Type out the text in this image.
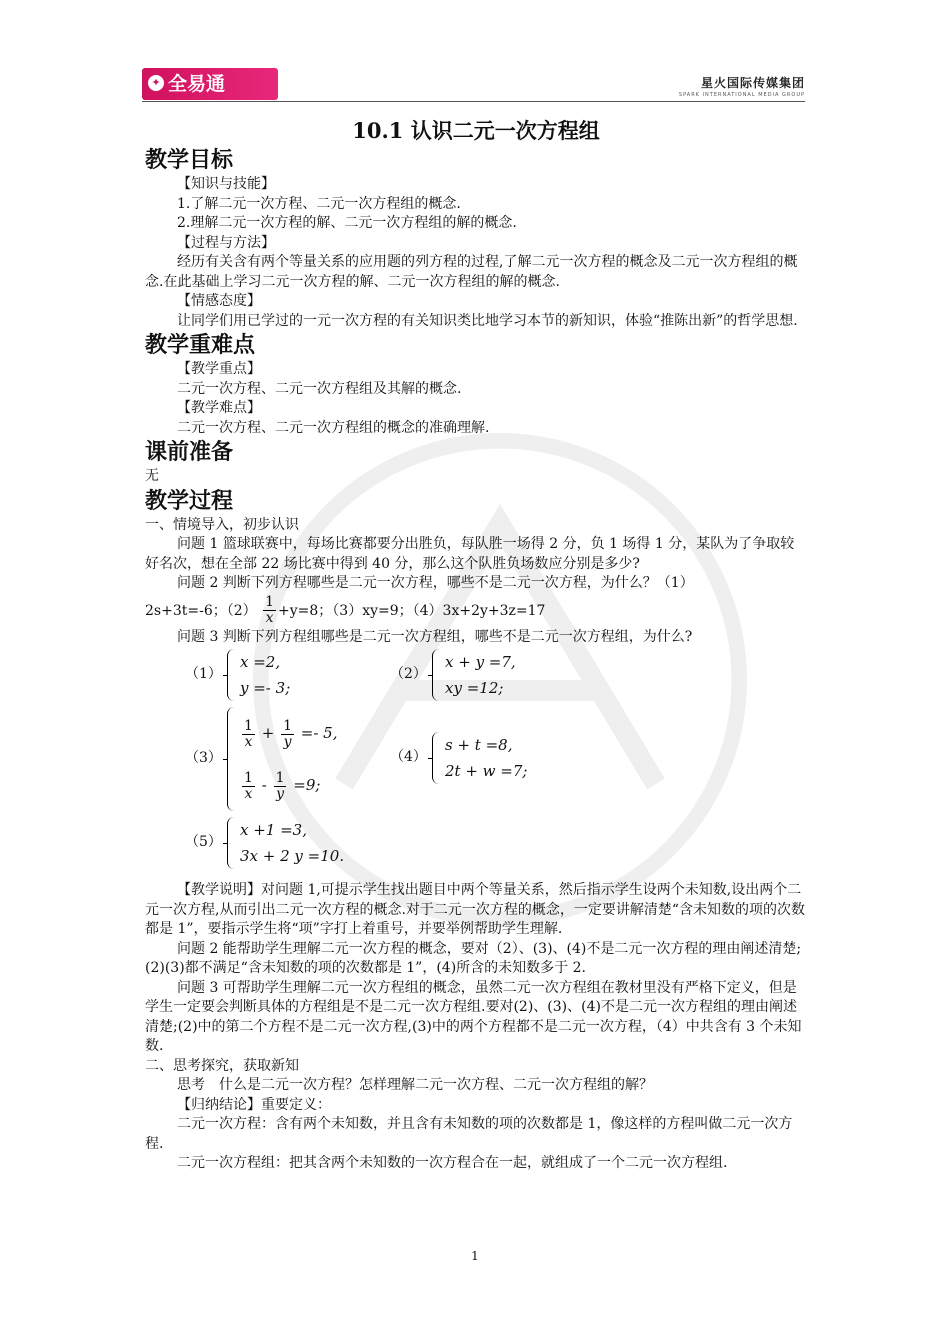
✦ 全易通	星火国际传媒集团
SPARK INTERNATIONAL MEDIA GROUP

10.1 认识二元一次方程组

教学目标

【知识与技能】

1.了解二元一次方程、二元一次方程组的概念.

2.理解二元一次方程的解、二元一次方程组的解的概念.

【过程与方法】

经历有关含有两个等量关系的应用题的列方程的过程,了解二元一次方程的概念及二元一次方程组的概念.在此基础上学习二元一次方程的解、二元一次方程组的解的概念.

【情感态度】

让同学们用已学过的一元一次方程的有关知识类比地学习本节的新知识，体验“推陈出新”的哲学思想.

教学重难点

【教学重点】

二元一次方程、二元一次方程组及其解的概念.

【教学难点】

二元一次方程、二元一次方程组的概念的准确理解.

课前准备

无

教学过程

一、情境导入，初步认识

问题 1 篮球联赛中，每场比赛都要分出胜负，每队胜一场得 2 分，负 1 场得 1 分，某队为了争取较好名次，想在全部 22 场比赛中得到 40 分，那么这个队胜负场数应分别是多少?

问题 2 判断下列方程哪些是二元一次方程，哪些不是二元一次方程，为什么？（1）

2s+3t=-6；$(2) \frac{1}{x} +y=8$；（3）xy=9；（4）3x+2y+3z=17

问题 3 判断下列方程组哪些是二元一次方程组，哪些不是二元一次方程组，为什么?

（1）
x =2,
y =- 3;
（2）
x + y =7,
xy =12;
（3）
$\frac{1}{x} + \frac{1}{y} =- 5$,
$\frac{1}{x} - \frac{1}{y} =9$;
（4）
s + t =8,
2t + w =7;
（5）
x +1 =3,
3x + 2 y =10.

【教学说明】对问题 1,可提示学生找出题目中两个等量关系，然后指示学生设两个未知数,设出两个二元一次方程,从而引出二元一次方程的概念.对于二元一次方程的概念，一定要讲解清楚“含未知数的项的次数都是 1”，要指示学生将“项”字打上着重号，并要举例帮助学生理解.

问题 2 能帮助学生理解二元一次方程的概念，要对（2）、(3)、(4)不是二元一次方程的理由阐述清楚;(2)(3)都不满足“含未知数的项的次数都是 1”，(4)所含的未知数多于 2.

问题 3 可帮助学生理解二元一次方程组的概念，虽然二元一次方程组在教材里没有严格下定义，但是学生一定要会判断具体的方程组是不是二元一次方程组.要对(2)、(3)、(4)不是二元一次方程组的理由阐述清楚;(2)中的第二个方程不是二元一次方程,(3)中的两个方程都不是二元一次方程，（4）中共含有 3 个未知数.

二、思考探究，获取新知

思考　什么是二元一次方程？怎样理解二元一次方程、二元一次方程组的解？

【归纳结论】重要定义：

二元一次方程：含有两个未知数，并且含有未知数的项的次数都是 1，像这样的方程叫做二元一次方程.

二元一次方程组：把其含两个未知数的一次方程合在一起，就组成了一个二元一次方程组.

1
